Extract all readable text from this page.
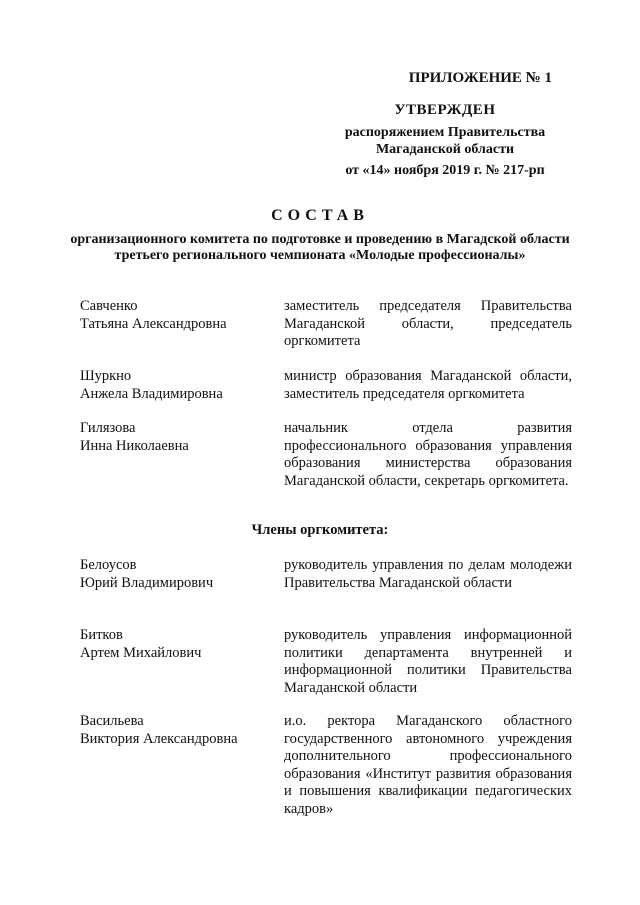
ПРИЛОЖЕНИЕ № 1
УТВЕРЖДЕН
распоряжением Правительства
Магаданской области
от «14» ноября 2019 г. № 217-рп
СОСТАВ
организационного комитета по подготовке и проведению в Магадской области третьего регионального чемпионата «Молодые профессионалы»
Савченко
Татьяна Александровна
заместитель председателя Правительства Магаданской области, председатель оргкомитета
Шуркно
Анжела Владимировна
министр образования Магаданской области, заместитель председателя оргкомитета
Гилязова
Инна Николаевна
начальник отдела развития профессионального образования управления образования министерства образования Магаданской области, секретарь оргкомитета.
Члены оргкомитета:
Белоусов
Юрий Владимирович
руководитель управления по делам молодежи Правительства Магаданской области
Битков
Артем Михайлович
руководитель управления информационной политики департамента внутренней и информационной политики Правительства Магаданской области
Васильева
Виктория Александровна
и.о. ректора Магаданского областного государственного автономного учреждения дополнительного профессионального образования «Институт развития образования и повышения квалификации педагогических кадров»
